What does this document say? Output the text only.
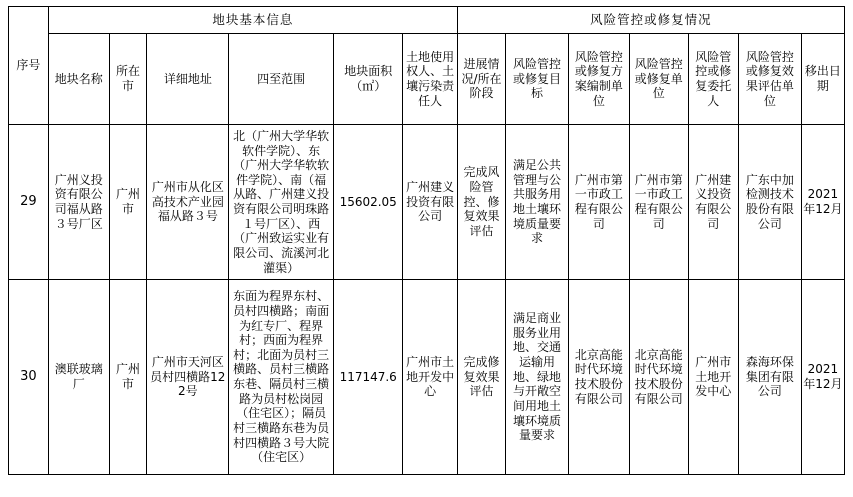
序号	地块基本信息						风险管控或修复情况						
	地块名称	所在市	详细地址	四至范围	地块面积（㎡）	土地使用权人、土壤污染责任人	进展情况/所在阶段	风险管控或修复目标	风险管控或修复方案编制单位	风险管控或修复单位	风险管控或修复委托人	风险管控或修复效果评估单位	移出日期
29	广州义投资有限公司福从路３号厂区	广州市	广州市从化区高技术产业园福从路３号	北（广州大学华软软件学院）、东（广州大学华软软件学院）、南（福从路、广州建义投资有限公司明珠路１号厂区）、西（广州致运实业有限公司、流溪河北灌渠）	15602.05	广州建义投资有限公司	完成风险管控、修复效果评估	满足公共管理与公共服务用地土壤环境质量要求	广州市第一市政工程有限公司	广州市第一市政工程有限公司	广州建义投资有限公司	广东中加检测技术股份有限公司	2021年12月
30	澳联玻璃厂	广州市	广州市天河区员村四横路122号	东面为程界东村、员村四横路；南面为红专厂、程界村；西面为程界村；北面为员村三横路、员村三横路东巷、隔员村三横路为员村松岗园（住宅区）；隔员村三横路东巷为员村四横路３号大院（住宅区）	117147.6	广州市土地开发中心	完成修复效果评估	满足商业服务业用地、交通运输用地、绿地与开敞空间用地土壤环境质量要求	北京高能时代环境技术股份有限公司	北京高能时代环境技术股份有限公司	广州市土地开发中心	森海环保集团有限公司	2021年12月
